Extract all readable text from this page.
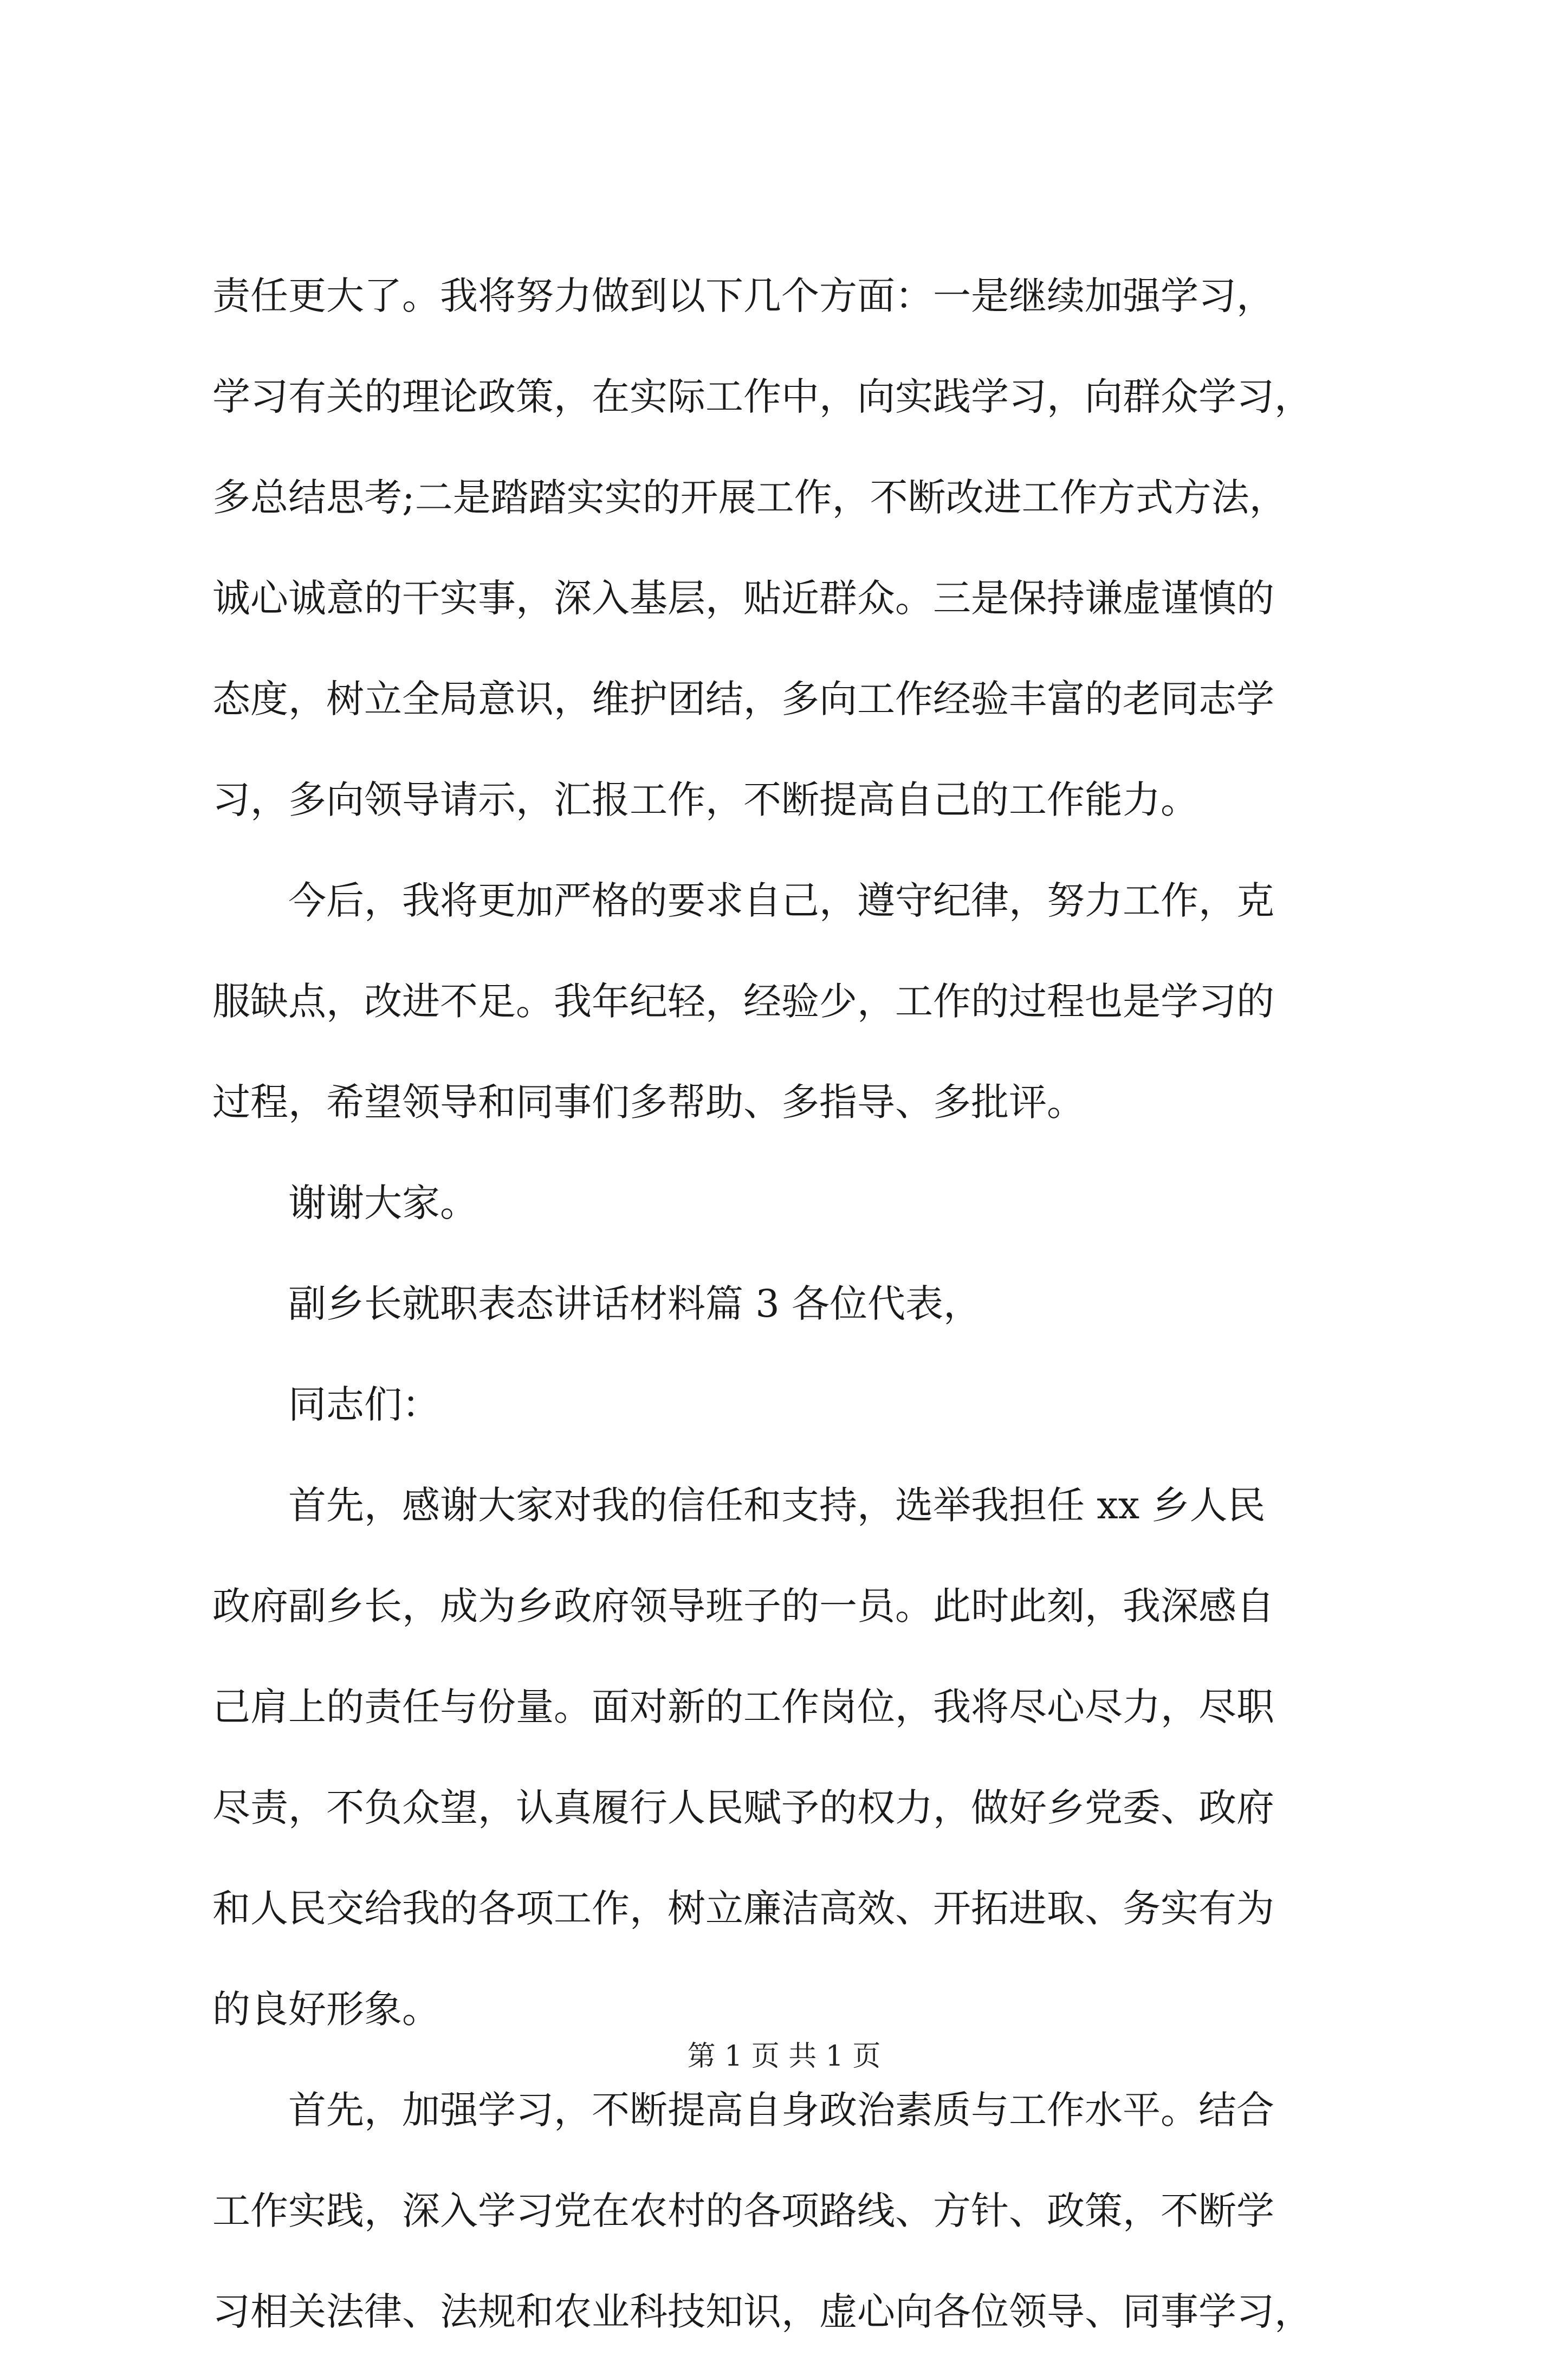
责任更大了。我将努力做到以下几个方面：一是继续加强学习，
学习有关的理论政策，在实际工作中，向实践学习，向群众学习，
多总结思考;二是踏踏实实的开展工作，不断改进工作方式方法，
诚心诚意的干实事，深入基层，贴近群众。三是保持谦虚谨慎的
态度，树立全局意识，维护团结，多向工作经验丰富的老同志学
习，多向领导请示，汇报工作，不断提高自己的工作能力。
今后，我将更加严格的要求自己，遵守纪律，努力工作，克
服缺点，改进不足。我年纪轻，经验少，工作的过程也是学习的
过程，希望领导和同事们多帮助、多指导、多批评。
谢谢大家。
副乡长就职表态讲话材料篇 3 各位代表，
同志们：
首先，感谢大家对我的信任和支持，选举我担任 xx 乡人民
政府副乡长，成为乡政府领导班子的一员。此时此刻，我深感自
己肩上的责任与份量。面对新的工作岗位，我将尽心尽力，尽职
尽责，不负众望，认真履行人民赋予的权力，做好乡党委、政府
和人民交给我的各项工作，树立廉洁高效、开拓进取、务实有为
的良好形象。
首先，加强学习，不断提高自身政治素质与工作水平。结合
工作实践，深入学习党在农村的各项路线、方针、政策，不断学
习相关法律、法规和农业科技知识，虚心向各位领导、同事学习，
第 1 页 共 1 页
